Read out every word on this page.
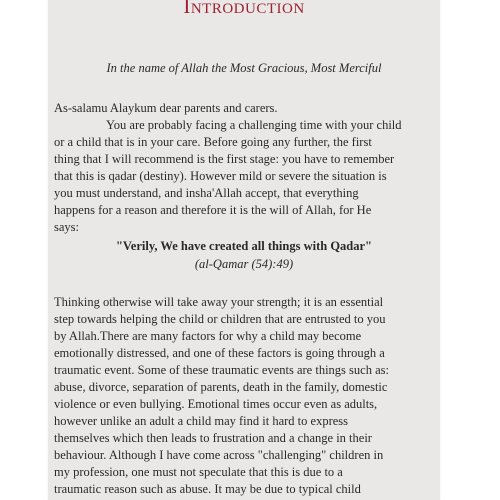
Introduction
In the name of Allah the Most Gracious, Most Merciful
As-salamu Alaykum dear parents and carers.
You are probably facing a challenging time with your child
or a child that is in your care. Before going any further, the first
thing that I will recommend is the first stage: you have to remember
that this is qadar (destiny). However mild or severe the situation is
you must understand, and insha'Allah accept, that everything
happens for a reason and therefore it is the will of Allah, for He
says:
"Verily, We have created all things with Qadar"
(al-Qamar (54):49)
Thinking otherwise will take away your strength; it is an essential
step towards helping the child or children that are entrusted to you
by Allah.There are many factors for why a child may become
emotionally distressed, and one of these factors is going through a
traumatic event. Some of these traumatic events are things such as:
abuse, divorce, separation of parents, death in the family, domestic
violence or even bullying. Emotional times occur even as adults,
however unlike an adult a child may find it hard to express
themselves which then leads to frustration and a change in their
behaviour. Although I have come across "challenging" children in
my profession, one must not speculate that this is due to a
traumatic reason such as abuse. It may be due to typical child
